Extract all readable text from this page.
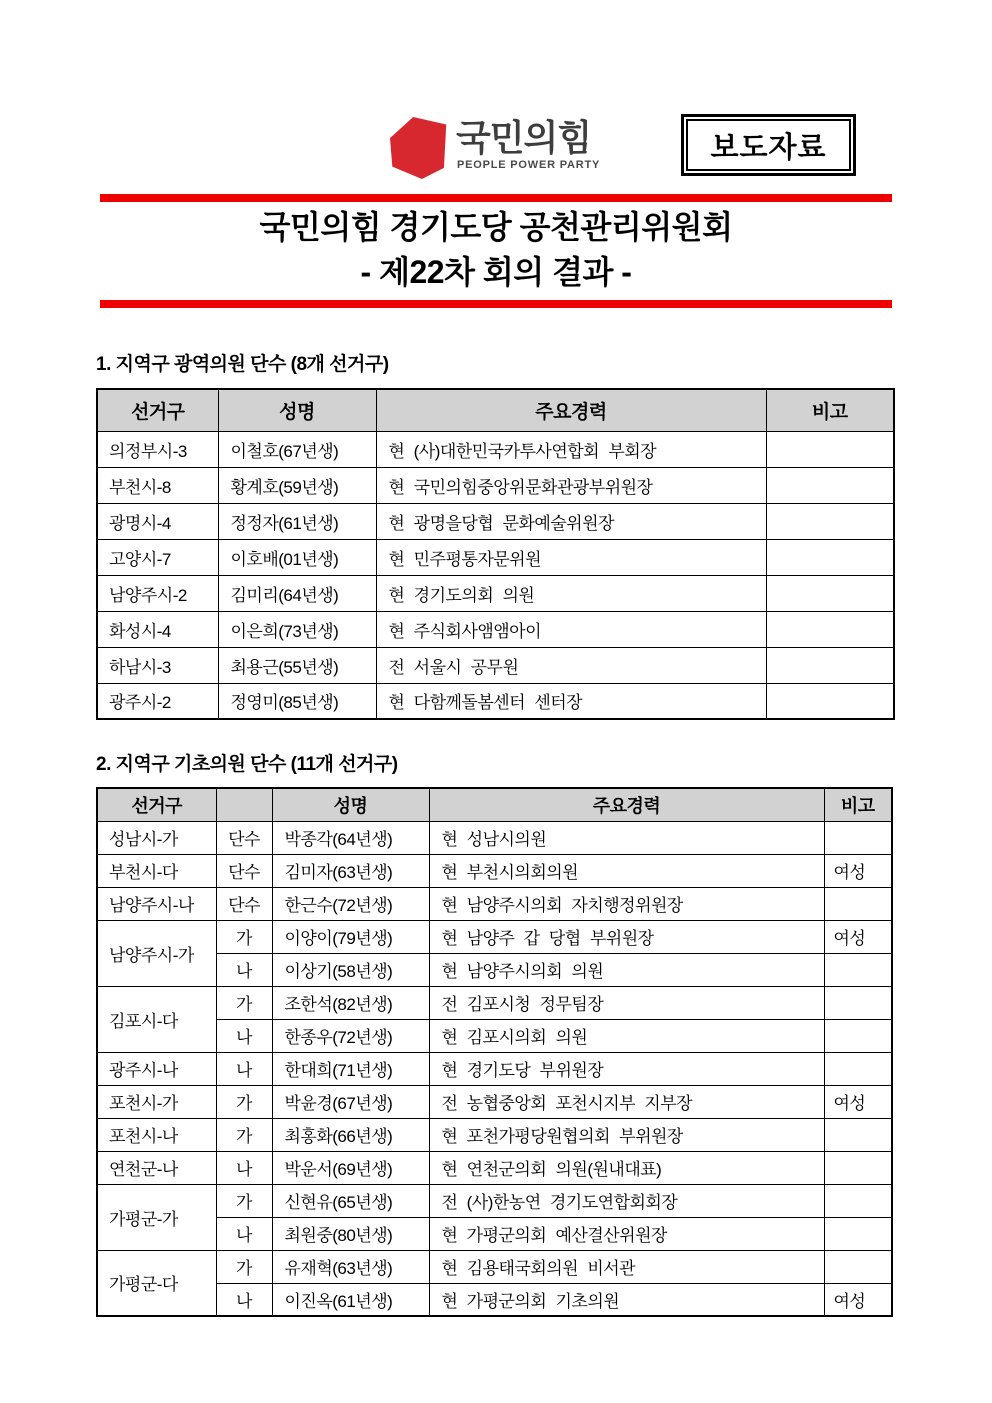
국민의힘
PEOPLE POWER PARTY
보도자료
국민의힘 경기도당 공천관리위원회
- 제22차 회의 결과 -
1. 지역구 광역의원 단수 (8개 선거구)
선거구	성명	주요경력	비고
의정부시-3	이철호(67년생)	현 (사)대한민국카투사연합회 부회장	
부천시-8	황계호(59년생)	현 국민의힘중앙위문화관광부위원장	
광명시-4	정정자(61년생)	현 광명을당협 문화예술위원장	
고양시-7	이호배(01년생)	현 민주평통자문위원	
남양주시-2	김미리(64년생)	현 경기도의회 의원	
화성시-4	이은희(73년생)	현 주식회사앰앰아이	
하남시-3	최용근(55년생)	전 서울시 공무원	
광주시-2	정영미(85년생)	현 다함께돌봄센터 센터장	
2. 지역구 기초의원 단수 (11개 선거구)
선거구		성명	주요경력	비고
성남시-가	단수	박종각(64년생)	현 성남시의원	
부천시-다	단수	김미자(63년생)	현 부천시의회의원	여성
남양주시-나	단수	한근수(72년생)	현 남양주시의회 자치행정위원장	
남양주시-가	가	이양이(79년생)	현 남양주 갑 당협 부위원장	여성
	나	이상기(58년생)	현 남양주시의회 의원	
김포시-다	가	조한석(82년생)	전 김포시청 정무팀장	
	나	한종우(72년생)	현 김포시의회 의원	
광주시-나	나	한대희(71년생)	현 경기도당 부위원장	
포천시-가	가	박윤경(67년생)	전 농협중앙회 포천시지부 지부장	여성
포천시-나	가	최홍화(66년생)	현 포천가평당원협의회 부위원장	
연천군-나	나	박운서(69년생)	현 연천군의회 의원(원내대표)	
가평군-가	가	신현유(65년생)	전 (사)한농연 경기도연합회회장	
	나	최원중(80년생)	현 가평군의회 예산결산위원장	
가평군-다	가	유재혁(63년생)	현 김용태국회의원 비서관	
	나	이진옥(61년생)	현 가평군의회 기초의원	여성
